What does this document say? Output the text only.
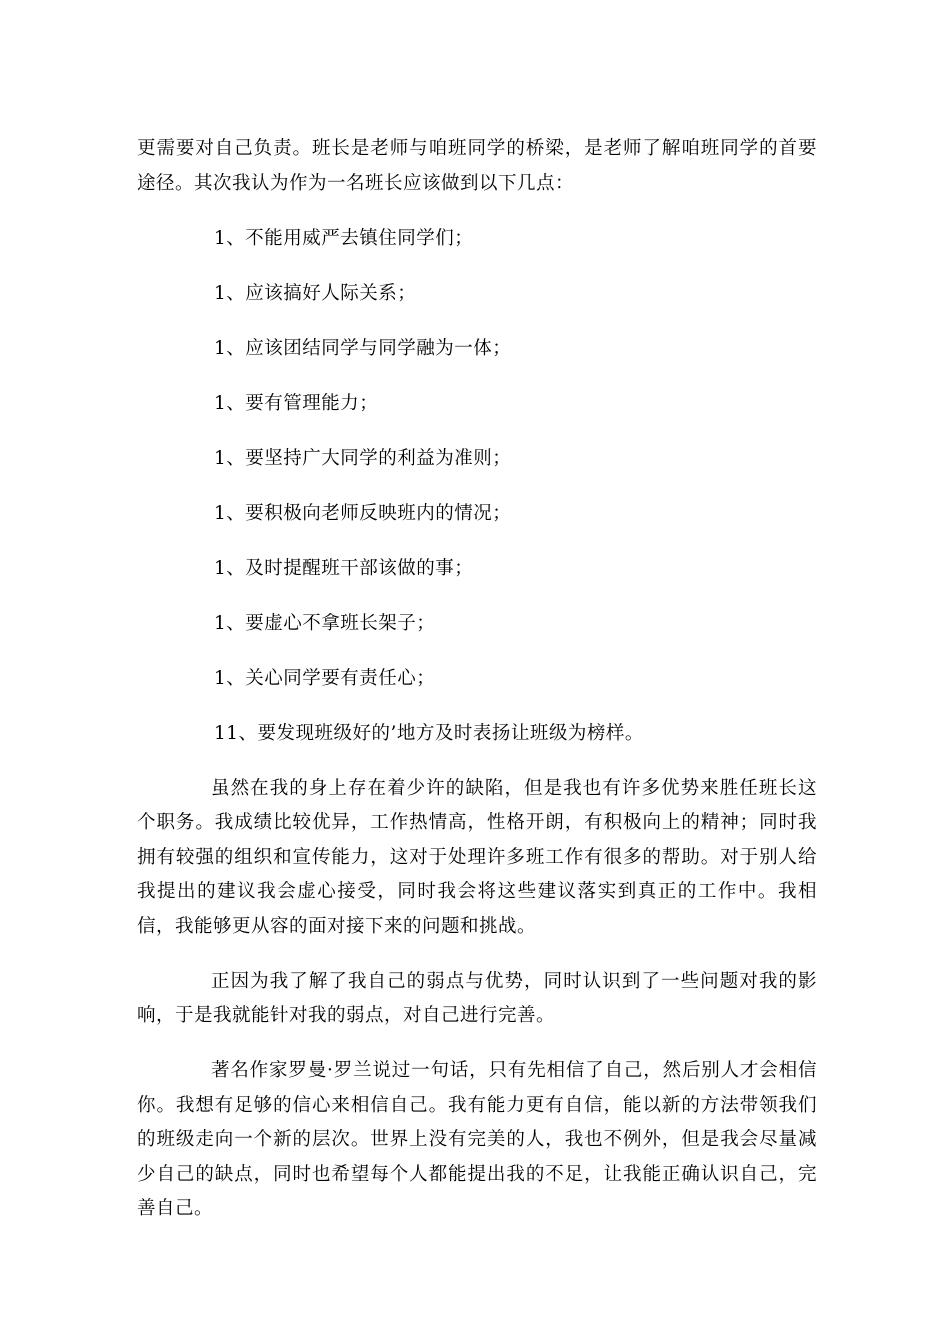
更需要对自己负责。班长是老师与咱班同学的桥梁，是老师了解咱班同学的首要途径。其次我认为作为一名班长应该做到以下几点：

1、不能用威严去镇住同学们；
1、应该搞好人际关系；
1、应该团结同学与同学融为一体；
1、要有管理能力；
1、要坚持广大同学的利益为准则；
1、要积极向老师反映班内的情况；
1、及时提醒班干部该做的事；
1、要虚心不拿班长架子；
1、关心同学要有责任心；
11、要发现班级好的’地方及时表扬让班级为榜样。

虽然在我的身上存在着少许的缺陷，但是我也有许多优势来胜任班长这个职务。我成绩比较优异，工作热情高，性格开朗，有积极向上的精神；同时我拥有较强的组织和宣传能力，这对于处理许多班工作有很多的帮助。对于别人给我提出的建议我会虚心接受，同时我会将这些建议落实到真正的工作中。我相信，我能够更从容的面对接下来的问题和挑战。

正因为我了解了我自己的弱点与优势，同时认识到了一些问题对我的影响，于是我就能针对我的弱点，对自己进行完善。

著名作家罗曼·罗兰说过一句话，只有先相信了自己，然后别人才会相信你。我想有足够的信心来相信自己。我有能力更有自信，能以新的方法带领我们的班级走向一个新的层次。世界上没有完美的人，我也不例外，但是我会尽量减少自己的缺点，同时也希望每个人都能提出我的不足，让我能正确认识自己，完善自己。
